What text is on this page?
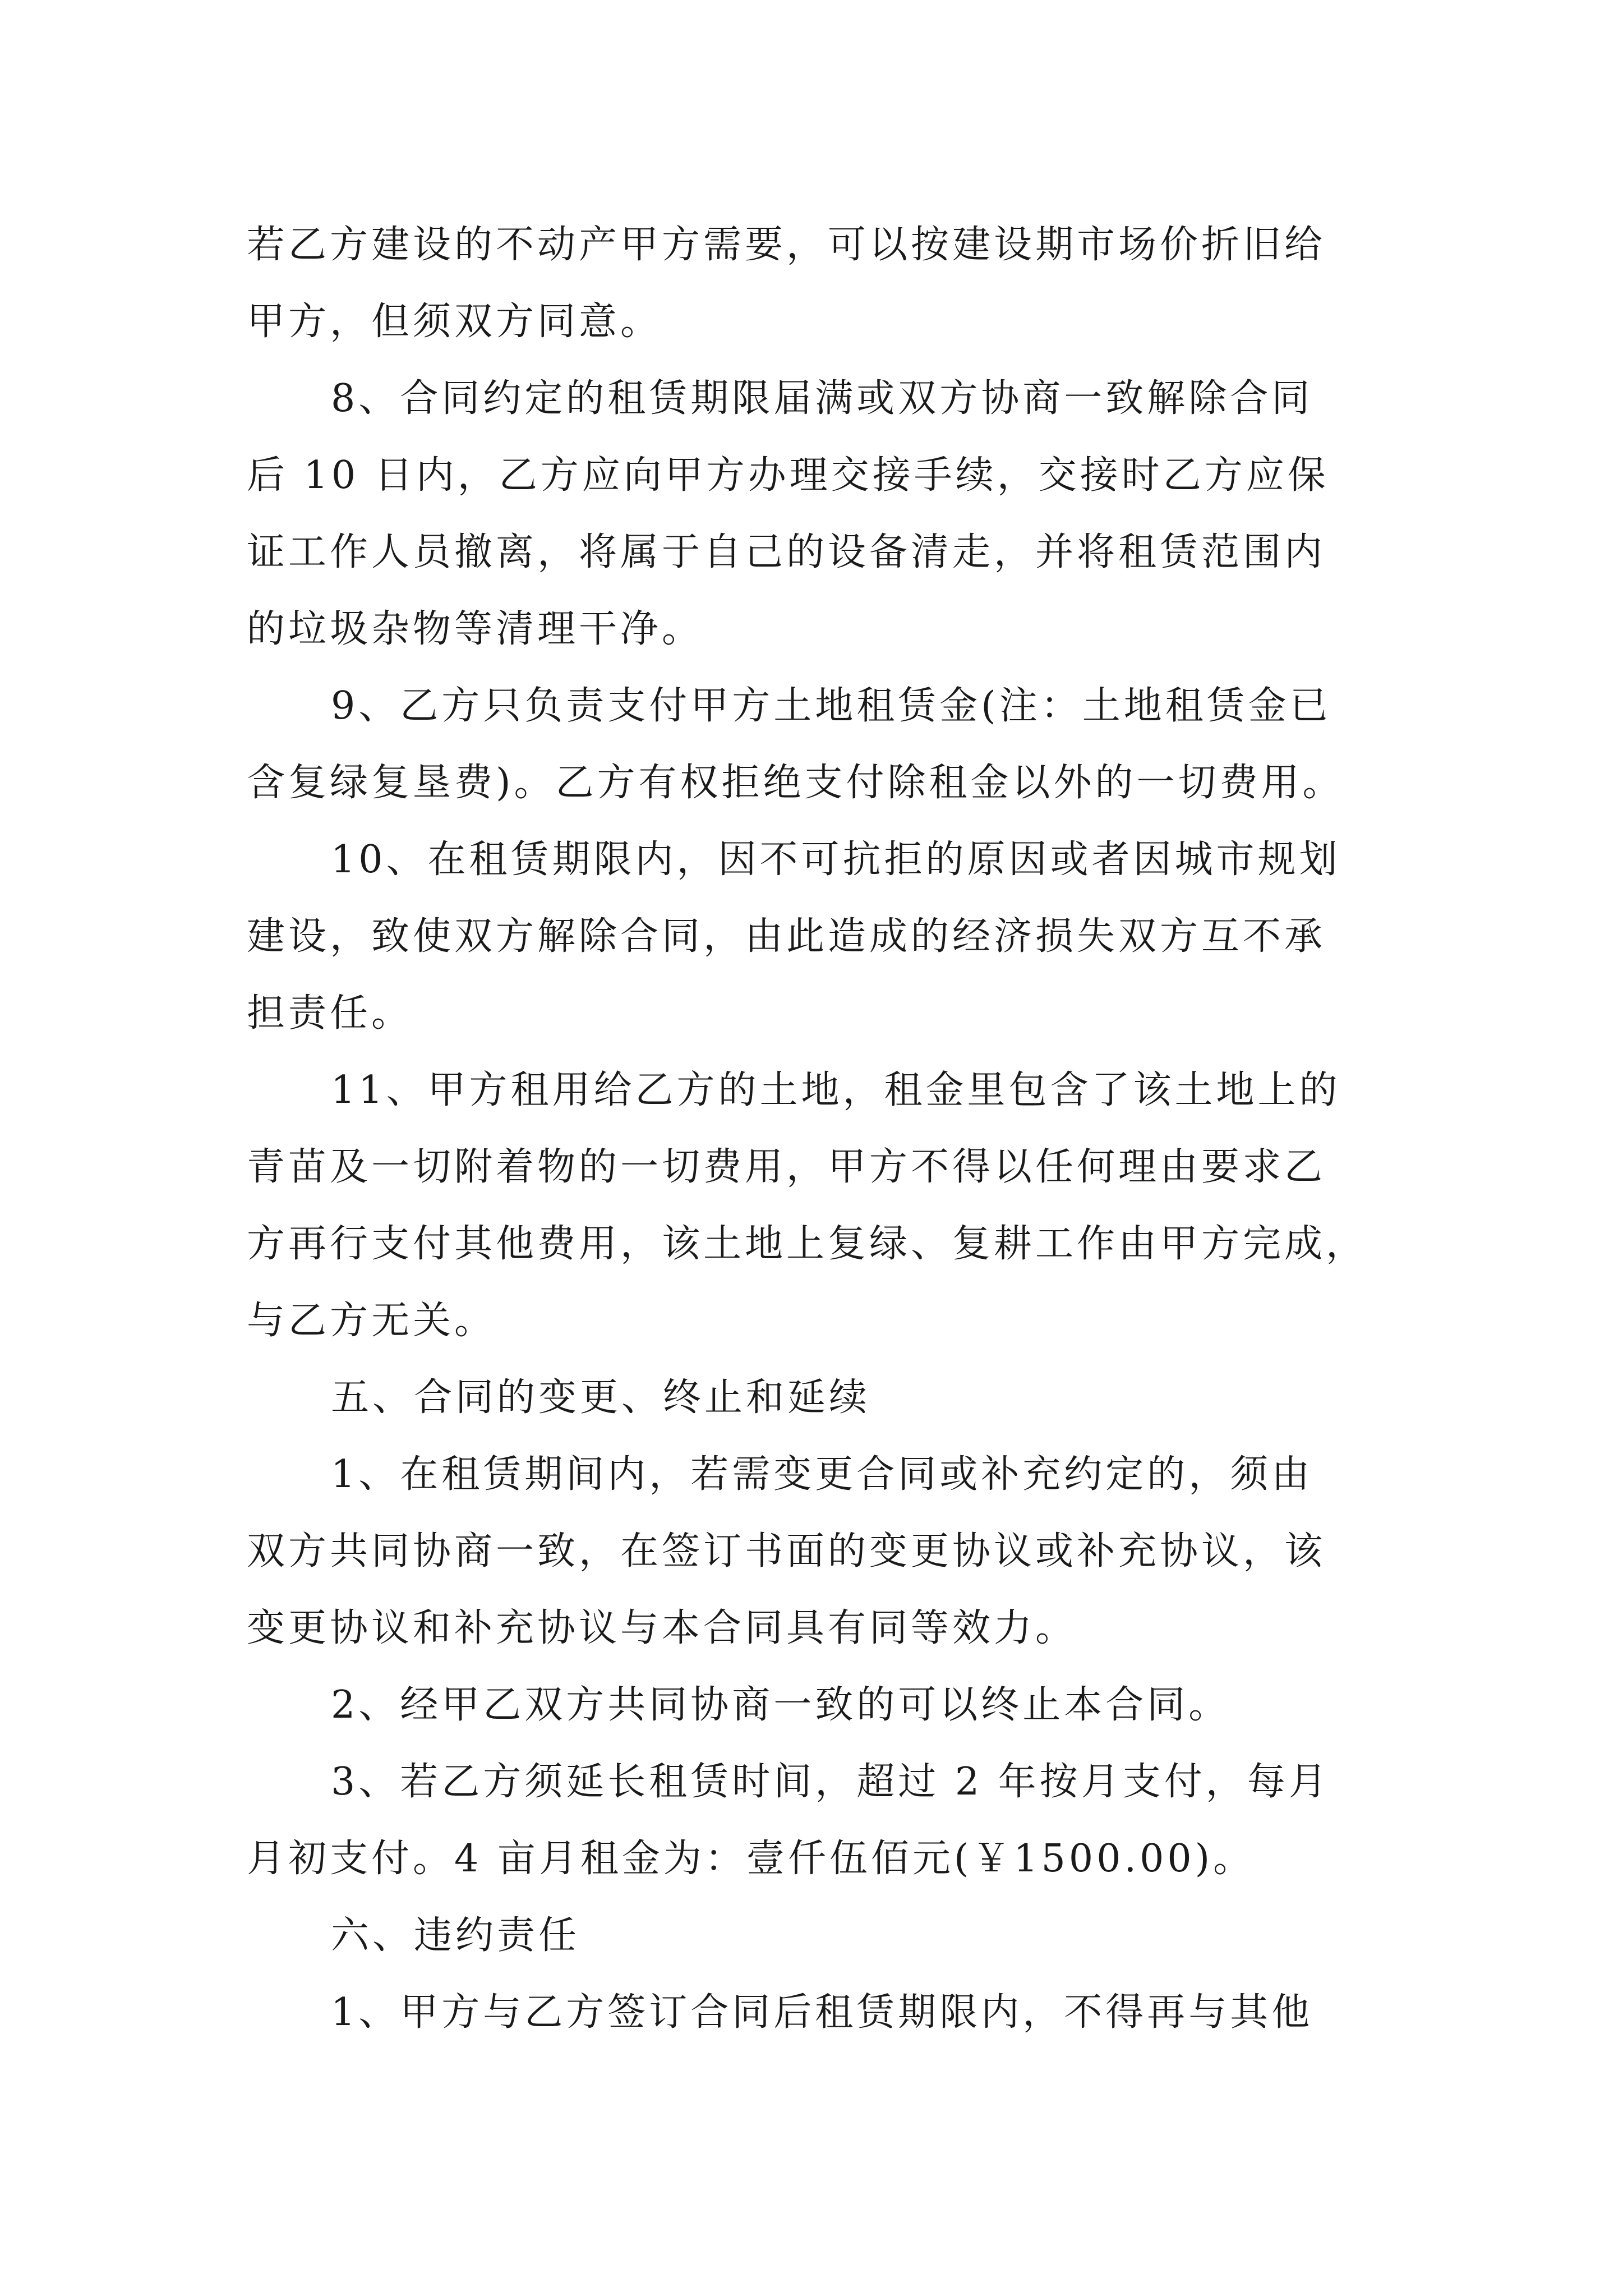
若乙方建设的不动产甲方需要，可以按建设期市场价折旧给
甲方，但须双方同意。
8、合同约定的租赁期限届满或双方协商一致解除合同
后 10 日内，乙方应向甲方办理交接手续，交接时乙方应保
证工作人员撤离，将属于自己的设备清走，并将租赁范围内
的垃圾杂物等清理干净。
9、乙方只负责支付甲方土地租赁金(注：土地租赁金已
含复绿复垦费)。乙方有权拒绝支付除租金以外的一切费用。
10、在租赁期限内，因不可抗拒的原因或者因城市规划
建设，致使双方解除合同，由此造成的经济损失双方互不承
担责任。
11、甲方租用给乙方的土地，租金里包含了该土地上的
青苗及一切附着物的一切费用，甲方不得以任何理由要求乙
方再行支付其他费用，该土地上复绿、复耕工作由甲方完成，
与乙方无关。
五、合同的变更、终止和延续
1、在租赁期间内，若需变更合同或补充约定的，须由
双方共同协商一致，在签订书面的变更协议或补充协议，该
变更协议和补充协议与本合同具有同等效力。
2、经甲乙双方共同协商一致的可以终止本合同。
3、若乙方须延长租赁时间，超过 2 年按月支付，每月
月初支付。4 亩月租金为：壹仟伍佰元(￥1500.00)。
六、违约责任
1、甲方与乙方签订合同后租赁期限内，不得再与其他
